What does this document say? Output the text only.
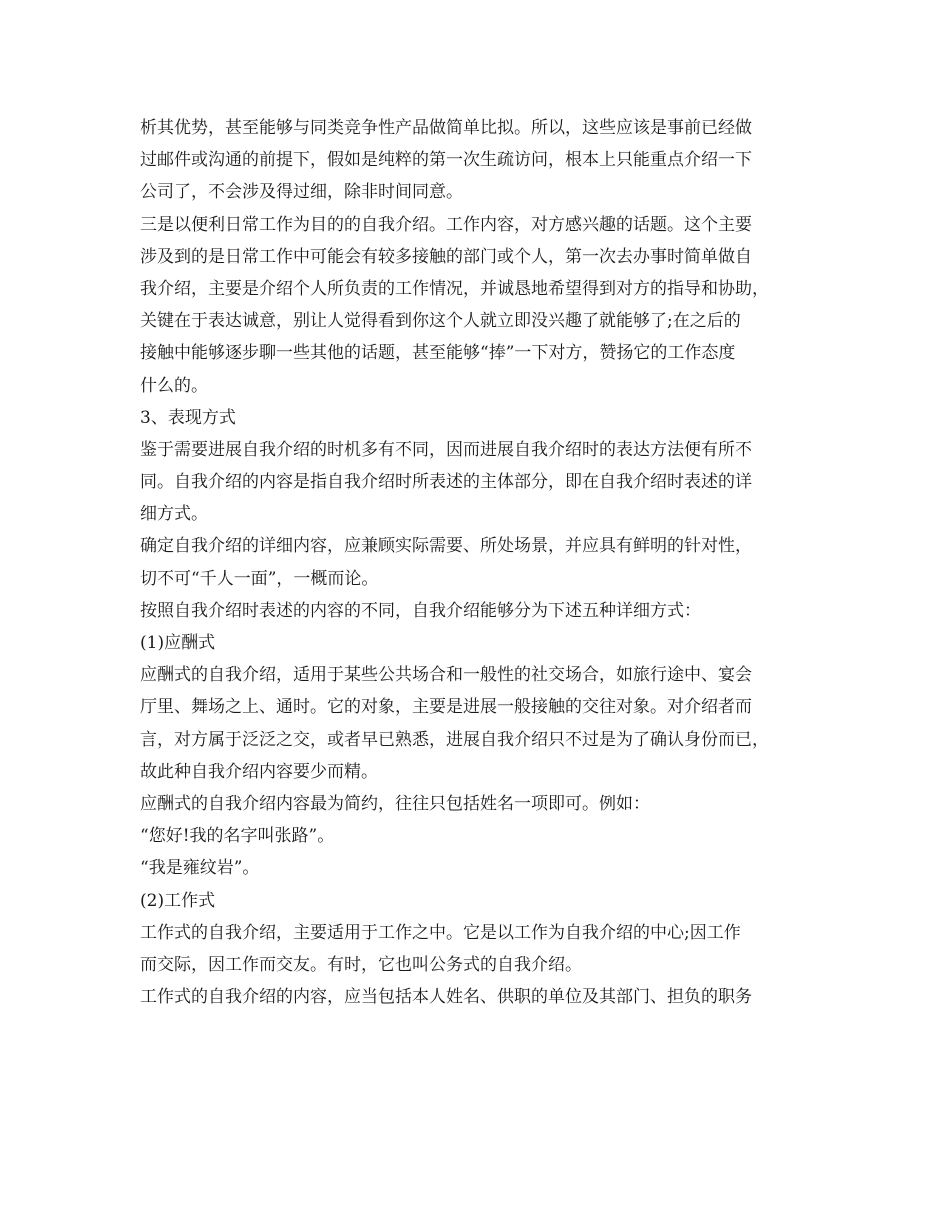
析其优势，甚至能够与同类竞争性产品做简单比拟。所以，这些应该是事前已经做
过邮件或沟通的前提下，假如是纯粹的第一次生疏访问，根本上只能重点介绍一下
公司了，不会涉及得过细，除非时间同意。
三是以便利日常工作为目的的自我介绍。工作内容，对方感兴趣的话题。这个主要
涉及到的是日常工作中可能会有较多接触的部门或个人，第一次去办事时简单做自
我介绍，主要是介绍个人所负责的工作情况，并诚恳地希望得到对方的指导和协助，
关键在于表达诚意，别让人觉得看到你这个人就立即没兴趣了就能够了;在之后的
接触中能够逐步聊一些其他的话题，甚至能够“捧”一下对方，赞扬它的工作态度
什么的。
3、表现方式
鉴于需要进展自我介绍的时机多有不同，因而进展自我介绍时的表达方法便有所不
同。自我介绍的内容是指自我介绍时所表述的主体部分，即在自我介绍时表述的详
细方式。
确定自我介绍的详细内容，应兼顾实际需要、所处场景，并应具有鲜明的针对性，
切不可“千人一面”，一概而论。
按照自我介绍时表述的内容的不同，自我介绍能够分为下述五种详细方式：
(1)应酬式
应酬式的自我介绍，适用于某些公共场合和一般性的社交场合，如旅行途中、宴会
厅里、舞场之上、通时。它的对象，主要是进展一般接触的交往对象。对介绍者而
言，对方属于泛泛之交，或者早已熟悉，进展自我介绍只不过是为了确认身份而已，
故此种自我介绍内容要少而精。
应酬式的自我介绍内容最为简约，往往只包括姓名一项即可。例如：
“您好!我的名字叫张路”。
“我是雍纹岩”。
(2)工作式
工作式的自我介绍，主要适用于工作之中。它是以工作为自我介绍的中心;因工作
而交际，因工作而交友。有时，它也叫公务式的自我介绍。
工作式的自我介绍的内容，应当包括本人姓名、供职的单位及其部门、担负的职务
